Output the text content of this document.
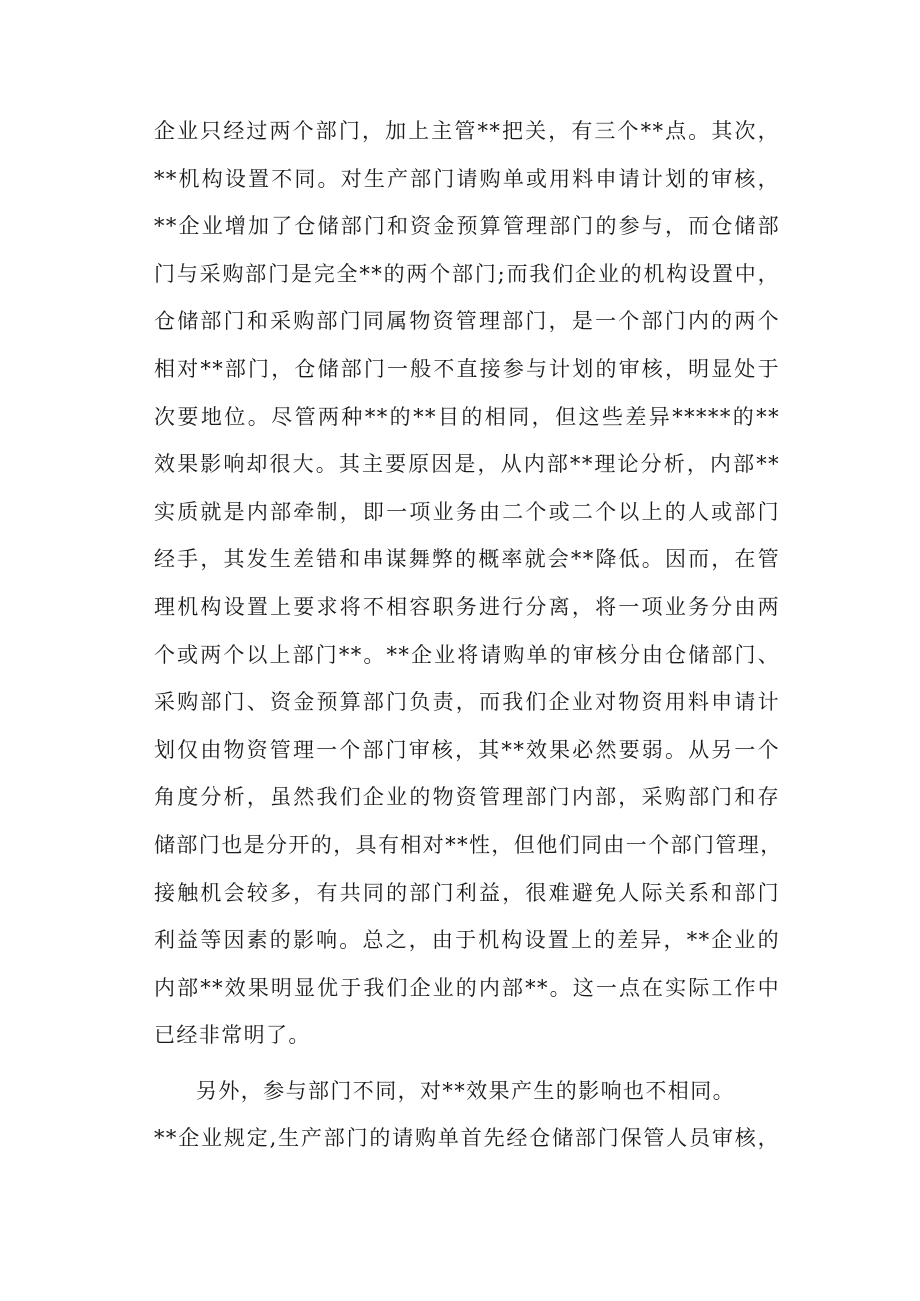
企业只经过两个部门，加上主管**把关，有三个**点。其次，
**机构设置不同。对生产部门请购单或用料申请计划的审核，
**企业增加了仓储部门和资金预算管理部门的参与，而仓储部
门与采购部门是完全**的两个部门;而我们企业的机构设置中，
仓储部门和采购部门同属物资管理部门，是一个部门内的两个
相对**部门，仓储部门一般不直接参与计划的审核，明显处于
次要地位。尽管两种**的**目的相同，但这些差异*****的**
效果影响却很大。其主要原因是，从内部**理论分析，内部**
实质就是内部牵制，即一项业务由二个或二个以上的人或部门
经手，其发生差错和串谋舞弊的概率就会**降低。因而，在管
理机构设置上要求将不相容职务进行分离，将一项业务分由两
个或两个以上部门**。**企业将请购单的审核分由仓储部门、
采购部门、资金预算部门负责，而我们企业对物资用料申请计
划仅由物资管理一个部门审核，其**效果必然要弱。从另一个
角度分析，虽然我们企业的物资管理部门内部，采购部门和存
储部门也是分开的，具有相对**性，但他们同由一个部门管理，
接触机会较多，有共同的部门利益，很难避免人际关系和部门
利益等因素的影响。总之，由于机构设置上的差异，**企业的
内部**效果明显优于我们企业的内部**。这一点在实际工作中
已经非常明了。
另外，参与部门不同，对**效果产生的影响也不相同。
**企业规定,生产部门的请购单首先经仓储部门保管人员审核，
